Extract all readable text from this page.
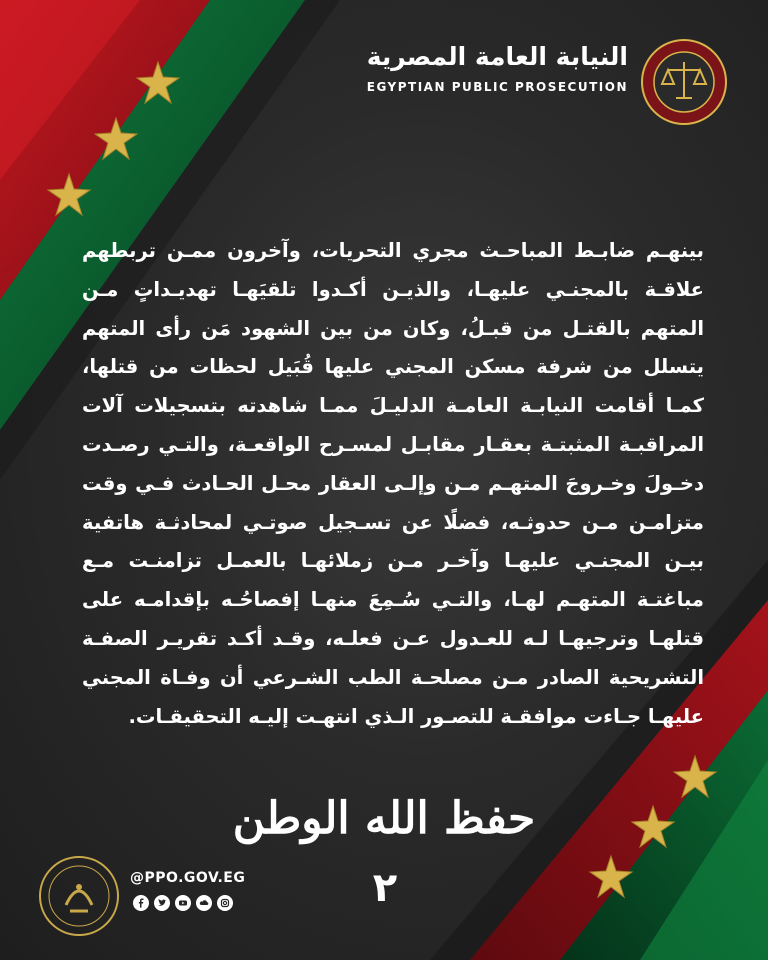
النيابة العامة المصرية
EGYPTIAN PUBLIC PROSECUTION
بينهـم ضابـط المباحـث مجري التحريات، وآخرون ممـن تربطهم
علاقـة بالمجنـي عليهـا، والذيـن أكـدوا تلقيَهـا تهديـداتٍ مـن
المتهم بالقتـل من قبـلُ، وكان من بين الشهود مَن رأى المتهم
يتسلل من شرفة مسكن المجني عليها قُبَيل لحظات من قتلها،
كمـا أقامت النيابـة العامـة الدليـلَ ممـا شاهدته بتسجيلات آلات
المراقبـة المثبتـة بعقـار مقابـل لمسـرح الواقعـة، والتـي رصـدت
دخـولَ وخـروجَ المتهـم مـن وإلـى العقار محـل الحـادث فـي وقت
متزامـن مـن حدوثـه، فضلًا عن تسـجيل صوتـي لمحادثـة هاتفية
بيـن المجنـي عليهـا وآخـر مـن زملائهـا بالعمـل تزامنـت مـع
مباغتـة المتهـم لهـا، والتـي سُـمِعَ منهـا إفصاحُـه بإقدامـه على
قتلهـا وترجيهـا لـه للعـدول عـن فعلـه، وقـد أكـد تقريـر الصفـة
التشريحية الصادر مـن مصلحـة الطب الشـرعي أن وفـاة المجني
عليهـا جـاءت موافقـة للتصـور الـذي انتهـت إليـه التحقيقـات.
حفظ الله الوطن
٢
@PPO.GOV.EG
